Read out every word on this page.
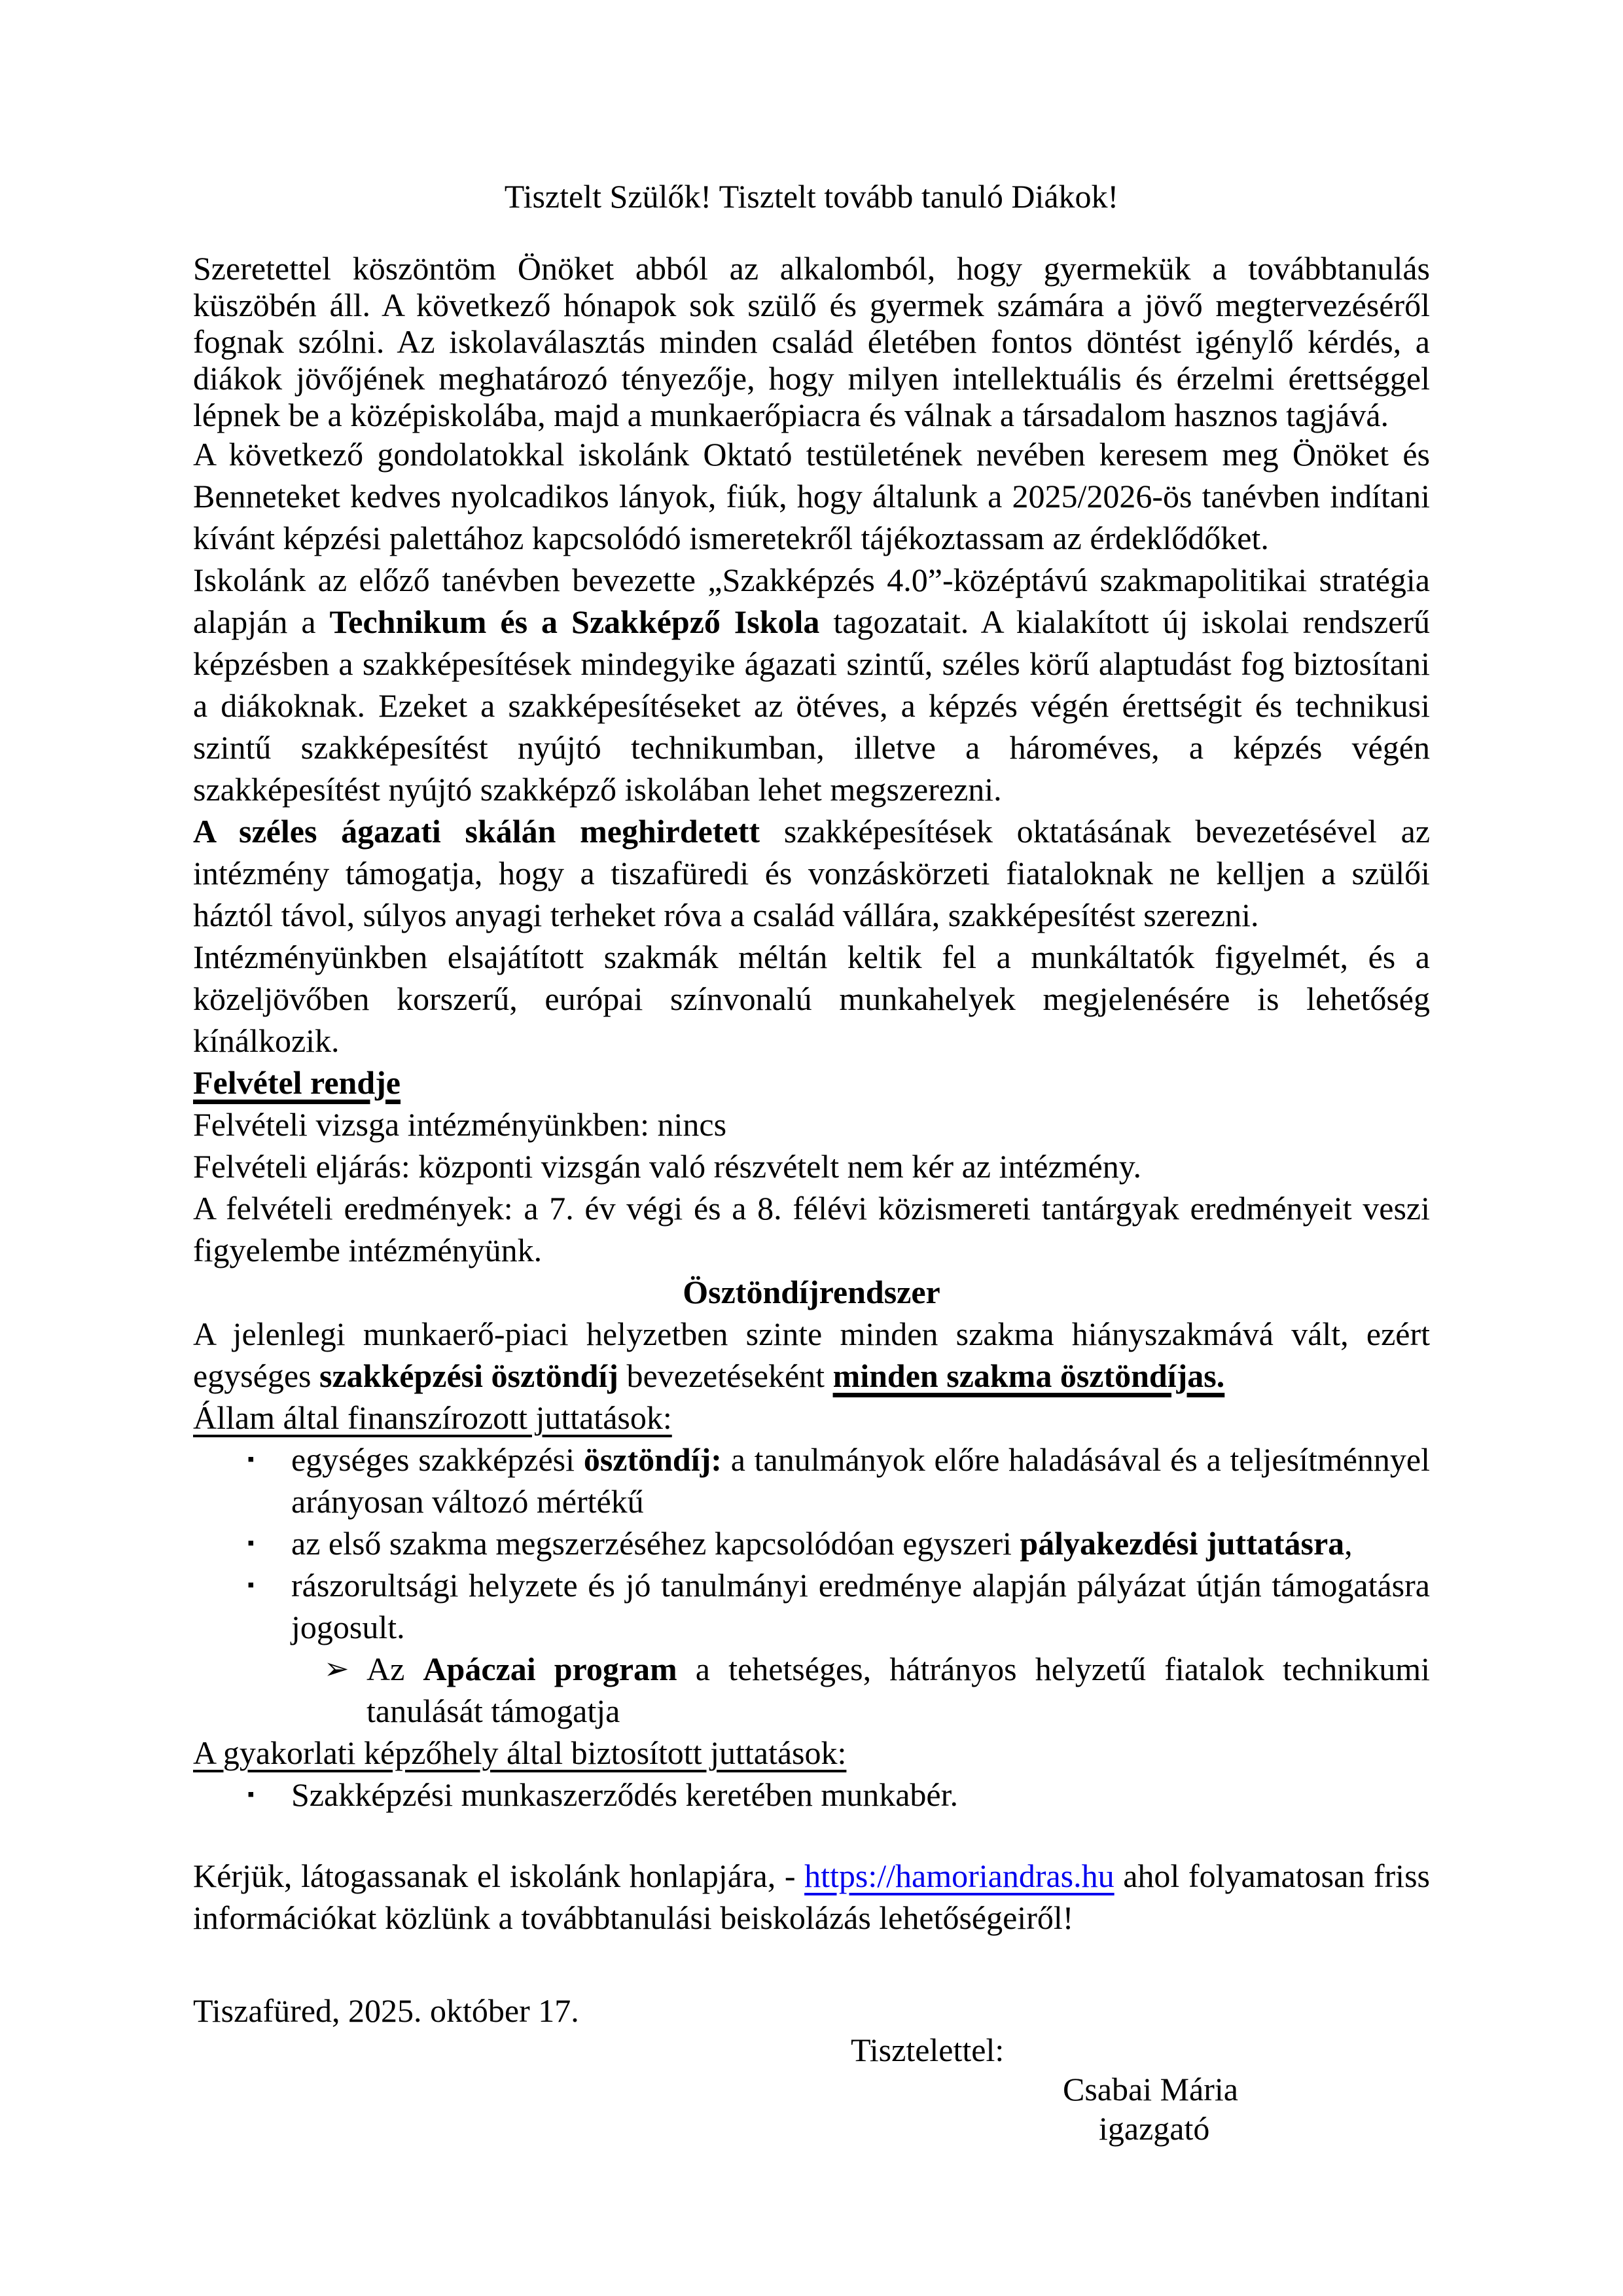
Tisztelt Szülők! Tisztelt tovább tanuló Diákok!

Szeretettel köszöntöm Önöket abból az alkalomból, hogy gyermekük a továbbtanulás küszöbén áll. A következő hónapok sok szülő és gyermek számára a jövő megtervezéséről fognak szólni. Az iskolaválasztás minden család életében fontos döntést igénylő kérdés, a diákok jövőjének meghatározó tényezője, hogy milyen intellektuális és érzelmi érettséggel lépnek be a középiskolába, majd a munkaerőpiacra és válnak a társadalom hasznos tagjává.

A következő gondolatokkal iskolánk Oktató testületének nevében keresem meg Önöket és Benneteket kedves nyolcadikos lányok, fiúk, hogy általunk a 2025/2026-ös tanévben indítani kívánt képzési palettához kapcsolódó ismeretekről tájékoztassam az érdeklődőket.

Iskolánk az előző tanévben bevezette „Szakképzés 4.0”-középtávú szakmapolitikai stratégia alapján a Technikum és a Szakképző Iskola tagozatait. A kialakított új iskolai rendszerű képzésben a szakképesítések mindegyike ágazati szintű, széles körű alaptudást fog biztosítani a diákoknak. Ezeket a szakképesítéseket az ötéves, a képzés végén érettségit és technikusi szintű szakképesítést nyújtó technikumban, illetve a hároméves, a képzés végén szakképesítést nyújtó szakképző iskolában lehet megszerezni.

A széles ágazati skálán meghirdetett szakképesítések oktatásának bevezetésével az intézmény támogatja, hogy a tiszafüredi és vonzáskörzeti fiataloknak ne kelljen a szülői háztól távol, súlyos anyagi terheket róva a család vállára, szakképesítést szerezni.

Intézményünkben elsajátított szakmák méltán keltik fel a munkáltatók figyelmét, és a közeljövőben korszerű, európai színvonalú munkahelyek megjelenésére is lehetőség kínálkozik.

Felvétel rendje

Felvételi vizsga intézményünkben: nincs

Felvételi eljárás: központi vizsgán való részvételt nem kér az intézmény.

A felvételi eredmények: a 7. év végi és a 8. félévi közismereti tantárgyak eredményeit veszi figyelembe intézményünk.

Ösztöndíjrendszer

A jelenlegi munkaerő-piaci helyzetben szinte minden szakma hiányszakmává vált, ezért egységes szakképzési ösztöndíj bevezetéseként minden szakma ösztöndíjas.

Állam által finanszírozott juttatások:

▪ egységes szakképzési ösztöndíj: a tanulmányok előre haladásával és a teljesítménnyel arányosan változó mértékű
▪ az első szakma megszerzéséhez kapcsolódóan egyszeri pályakezdési juttatásra,
▪ rászorultsági helyzete és jó tanulmányi eredménye alapján pályázat útján támogatásra jogosult.
➢ Az Apáczai program a tehetséges, hátrányos helyzetű fiatalok technikumi tanulását támogatja

A gyakorlati képzőhely által biztosított juttatások:

▪ Szakképzési munkaszerződés keretében munkabér.

Kérjük, látogassanak el iskolánk honlapjára, - https://hamoriandras.hu ahol folyamatosan friss információkat közlünk a továbbtanulási beiskolázás lehetőségeiről!

Tiszafüred, 2025. október 17.

Tisztelettel:

Csabai Mária

igazgató
